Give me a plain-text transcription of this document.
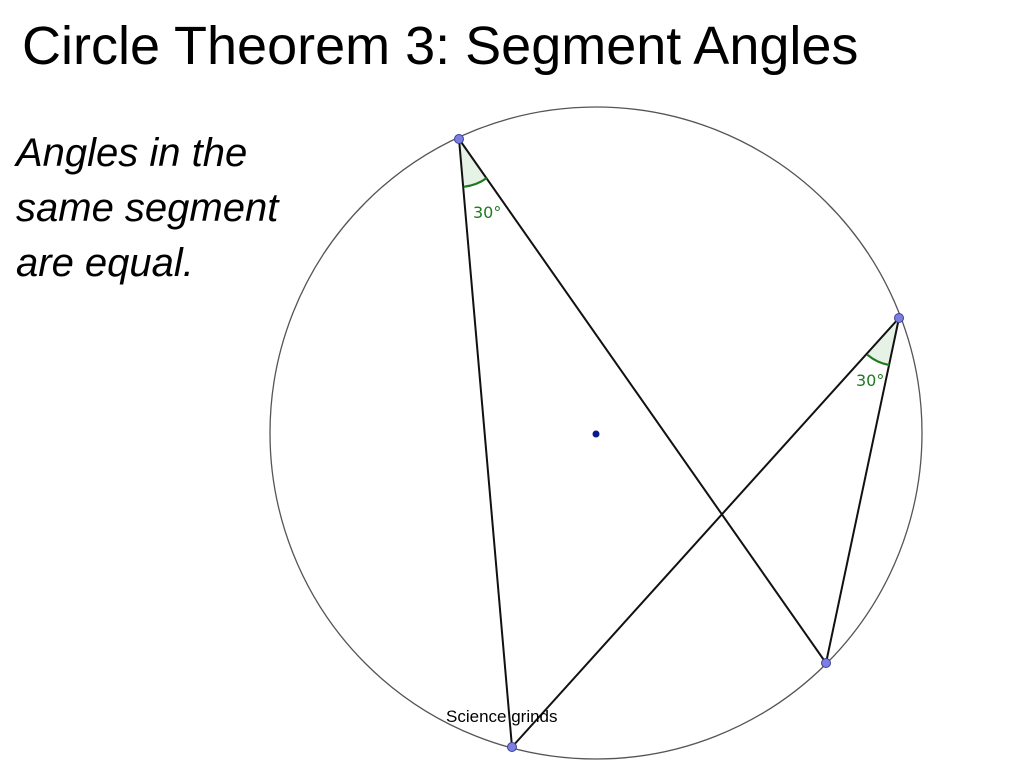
Circle Theorem 3: Segment Angles
Angles in the
same segment
are equal.
30°
30°
Science grinds
